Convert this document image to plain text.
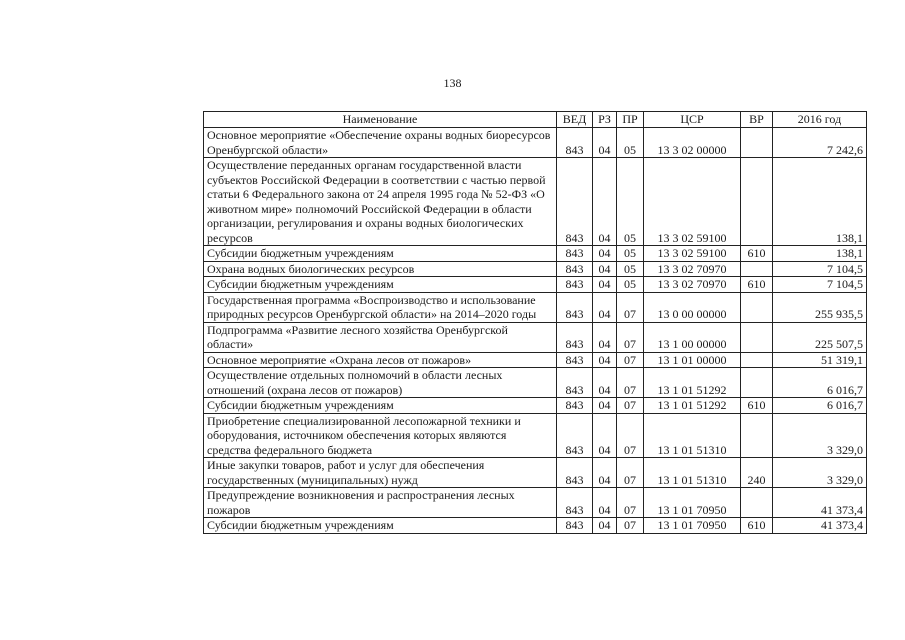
138
Наименование	ВЕД	РЗ	ПР	ЦСР	ВР	2016 год
Основное мероприятие «Обеспечение охраны водных биоресурсов Оренбургской области»	843	04	05	13 3 02 00000		7 242,6
Осуществление переданных органам государственной власти субъектов Российской Федерации в соответствии с частью первой статьи 6 Федерального закона от 24 апреля 1995 года № 52-ФЗ «О животном мире» полномочий Российской Федерации в области организации, регулирования и охраны водных биологических ресурсов	843	04	05	13 3 02 59100		138,1
Субсидии бюджетным учреждениям	843	04	05	13 3 02 59100	610	138,1
Охрана водных биологических ресурсов	843	04	05	13 3 02 70970		7 104,5
Субсидии бюджетным учреждениям	843	04	05	13 3 02 70970	610	7 104,5
Государственная программа «Воспроизводство и использование природных ресурсов Оренбургской области» на 2014–2020 годы	843	04	07	13 0 00 00000		255 935,5
Подпрограмма «Развитие лесного хозяйства Оренбургской области»	843	04	07	13 1 00 00000		225 507,5
Основное мероприятие «Охрана лесов от пожаров»	843	04	07	13 1 01 00000		51 319,1
Осуществление отдельных полномочий в области лесных отношений (охрана лесов от пожаров)	843	04	07	13 1 01 51292		6 016,7
Субсидии бюджетным учреждениям	843	04	07	13 1 01 51292	610	6 016,7
Приобретение специализированной лесопожарной техники и оборудования, источником обеспечения которых являются средства федерального бюджета	843	04	07	13 1 01 51310		3 329,0
Иные закупки товаров, работ и услуг для обеспечения государственных (муниципальных) нужд	843	04	07	13 1 01 51310	240	3 329,0
Предупреждение возникновения и распространения лесных пожаров	843	04	07	13 1 01 70950		41 373,4
Субсидии бюджетным учреждениям	843	04	07	13 1 01 70950	610	41 373,4
